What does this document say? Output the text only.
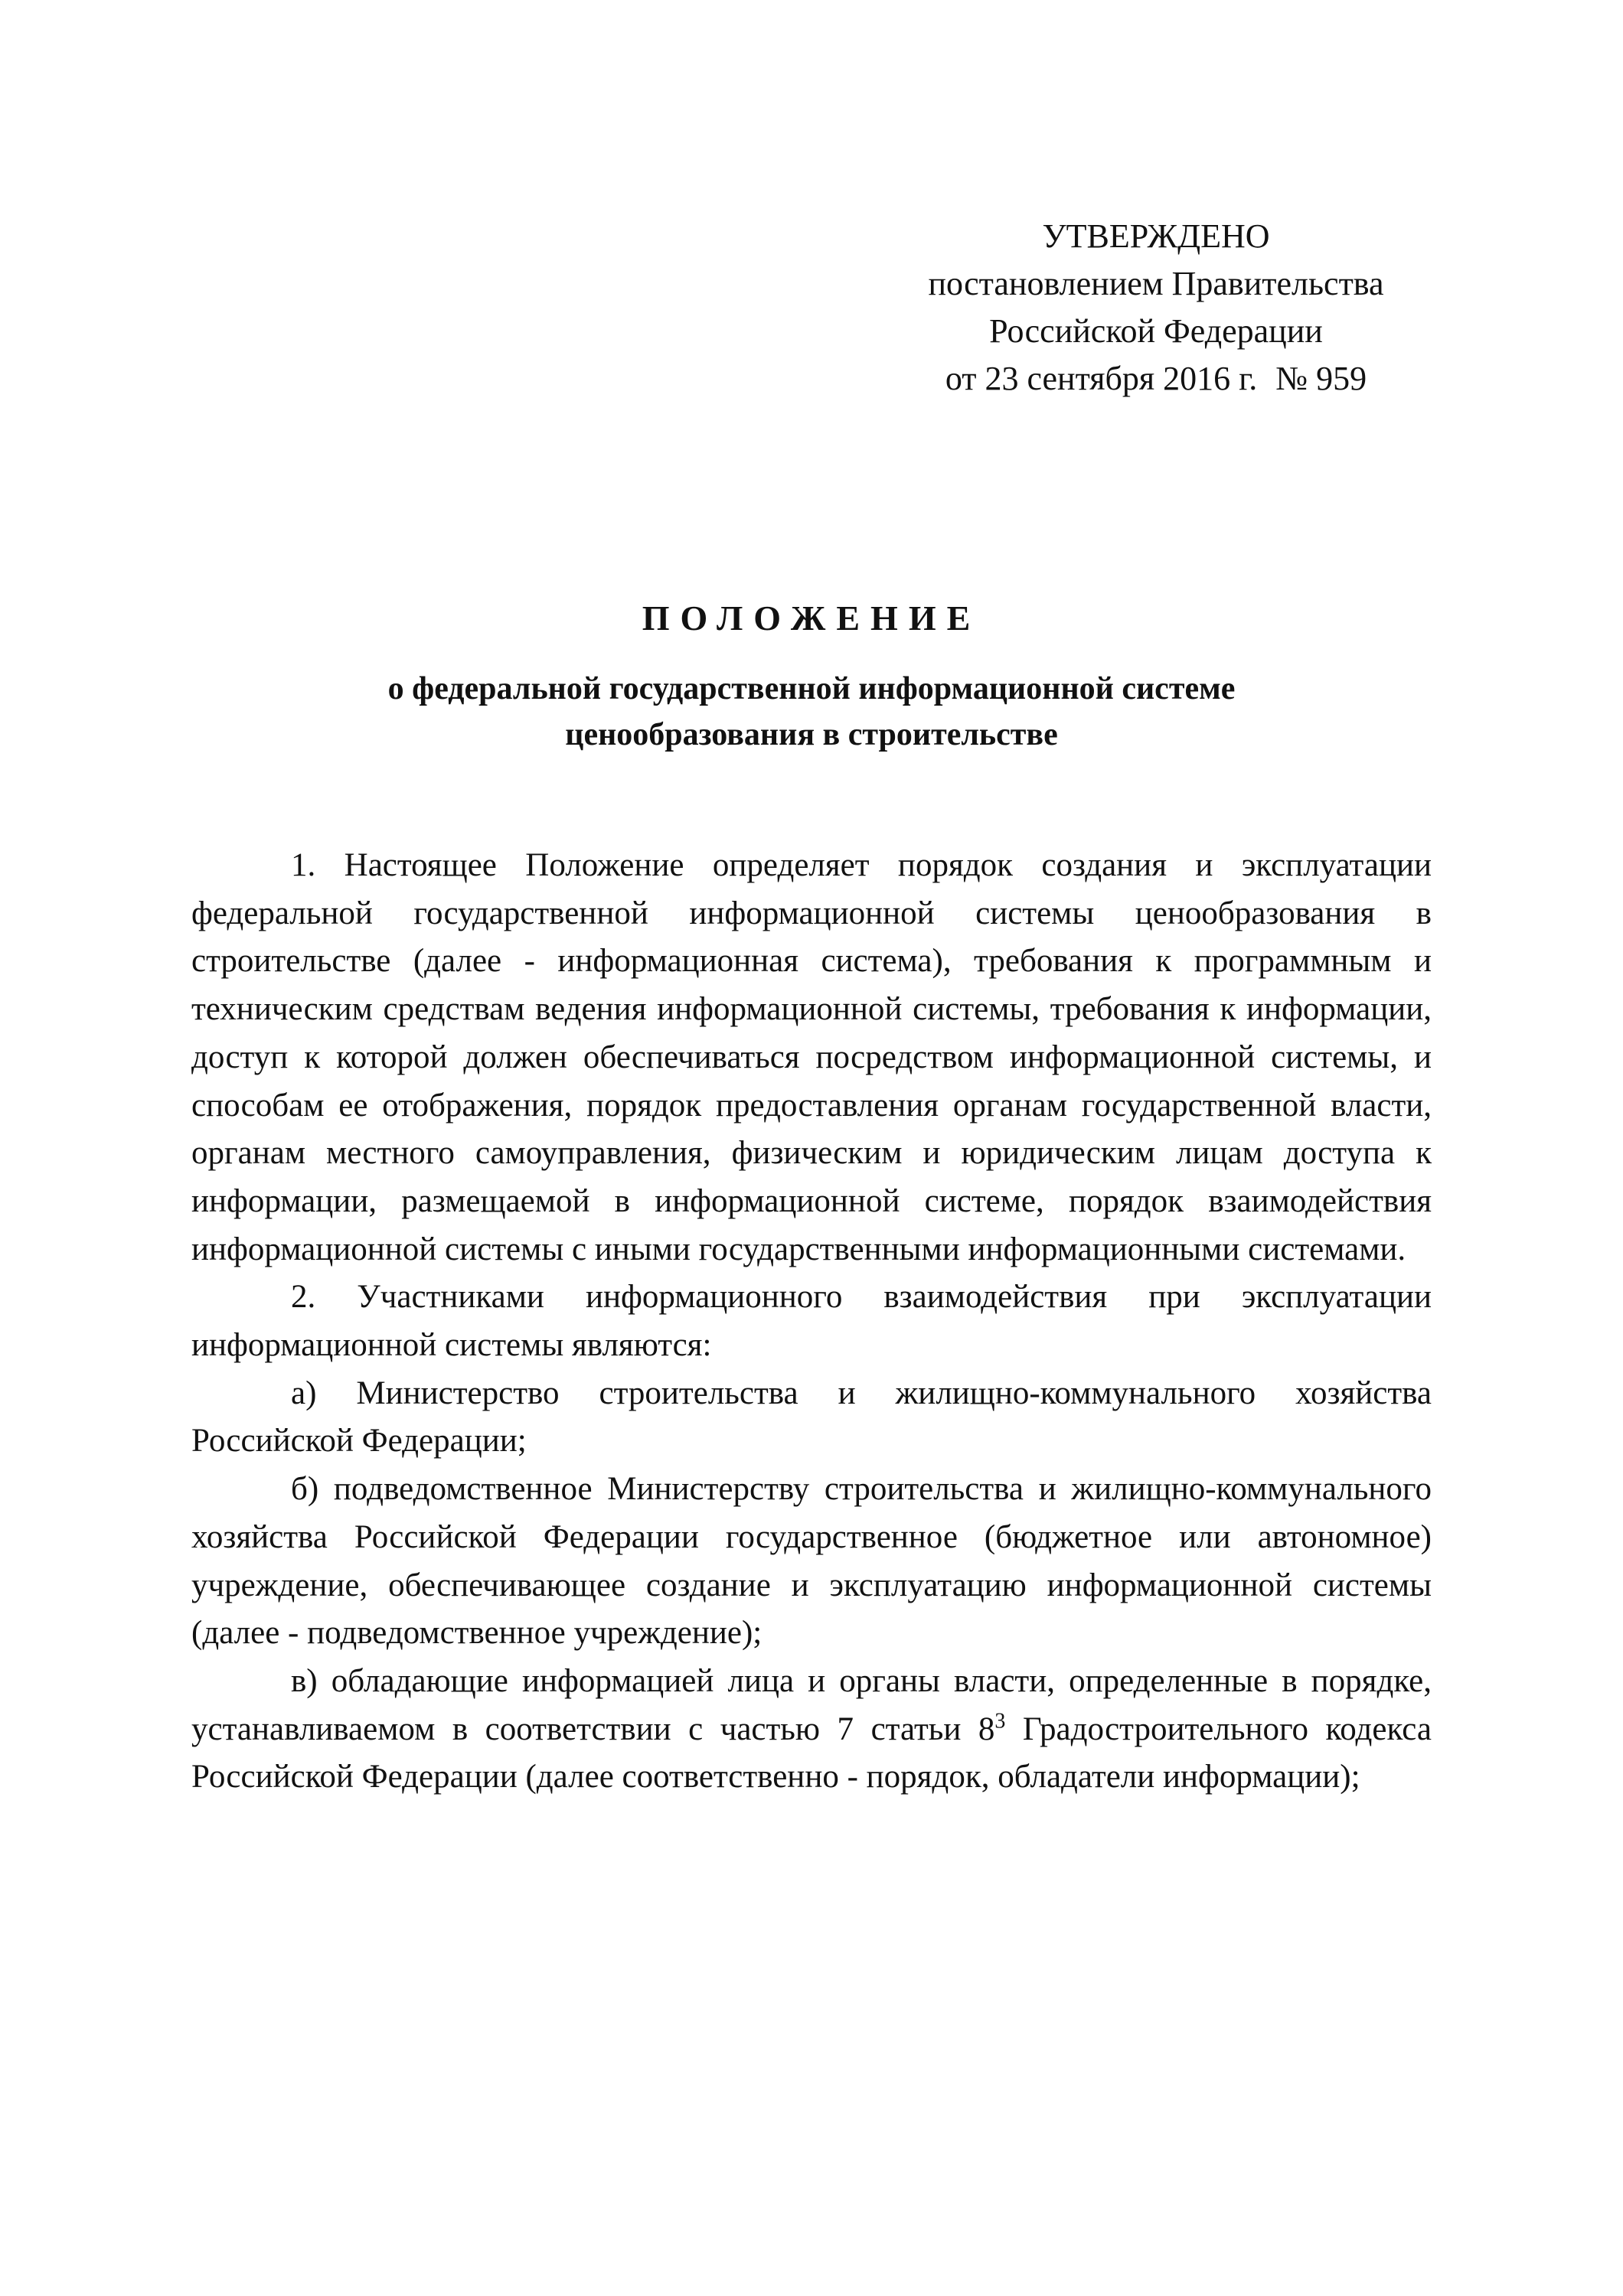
УТВЕРЖДЕНО
постановлением Правительства
Российской Федерации
от 23 сентября 2016 г. № 959
ПОЛОЖЕНИЕ
о федеральной государственной информационной системе
ценообразования в строительстве

1. Настоящее Положение определяет порядок создания и эксплуатации федеральной государственной информационной системы ценообразования в строительстве (далее - информационная система), требования к программным и техническим средствам ведения информационной системы, требования к информации, доступ к которой должен обеспечиваться посредством информационной системы, и способам ее отображения, порядок предоставления органам государственной власти, органам местного самоуправления, физическим и юридическим лицам доступа к информации, размещаемой в информационной системе, порядок взаимодействия информационной системы с иными государственными информационными системами.

2. Участниками информационного взаимодействия при эксплуатации информационной системы являются:

а) Министерство строительства и жилищно-коммунального хозяйства Российской Федерации;

б) подведомственное Министерству строительства и жилищно-коммунального хозяйства Российской Федерации государственное (бюджетное или автономное) учреждение, обеспечивающее создание и эксплуатацию информационной системы (далее - подведомственное учреждение);

в) обладающие информацией лица и органы власти, определенные в порядке, устанавливаемом в соответствии с частью 7 статьи $8^3$ Градостроительного кодекса Российской Федерации (далее соответственно - порядок, обладатели информации);
